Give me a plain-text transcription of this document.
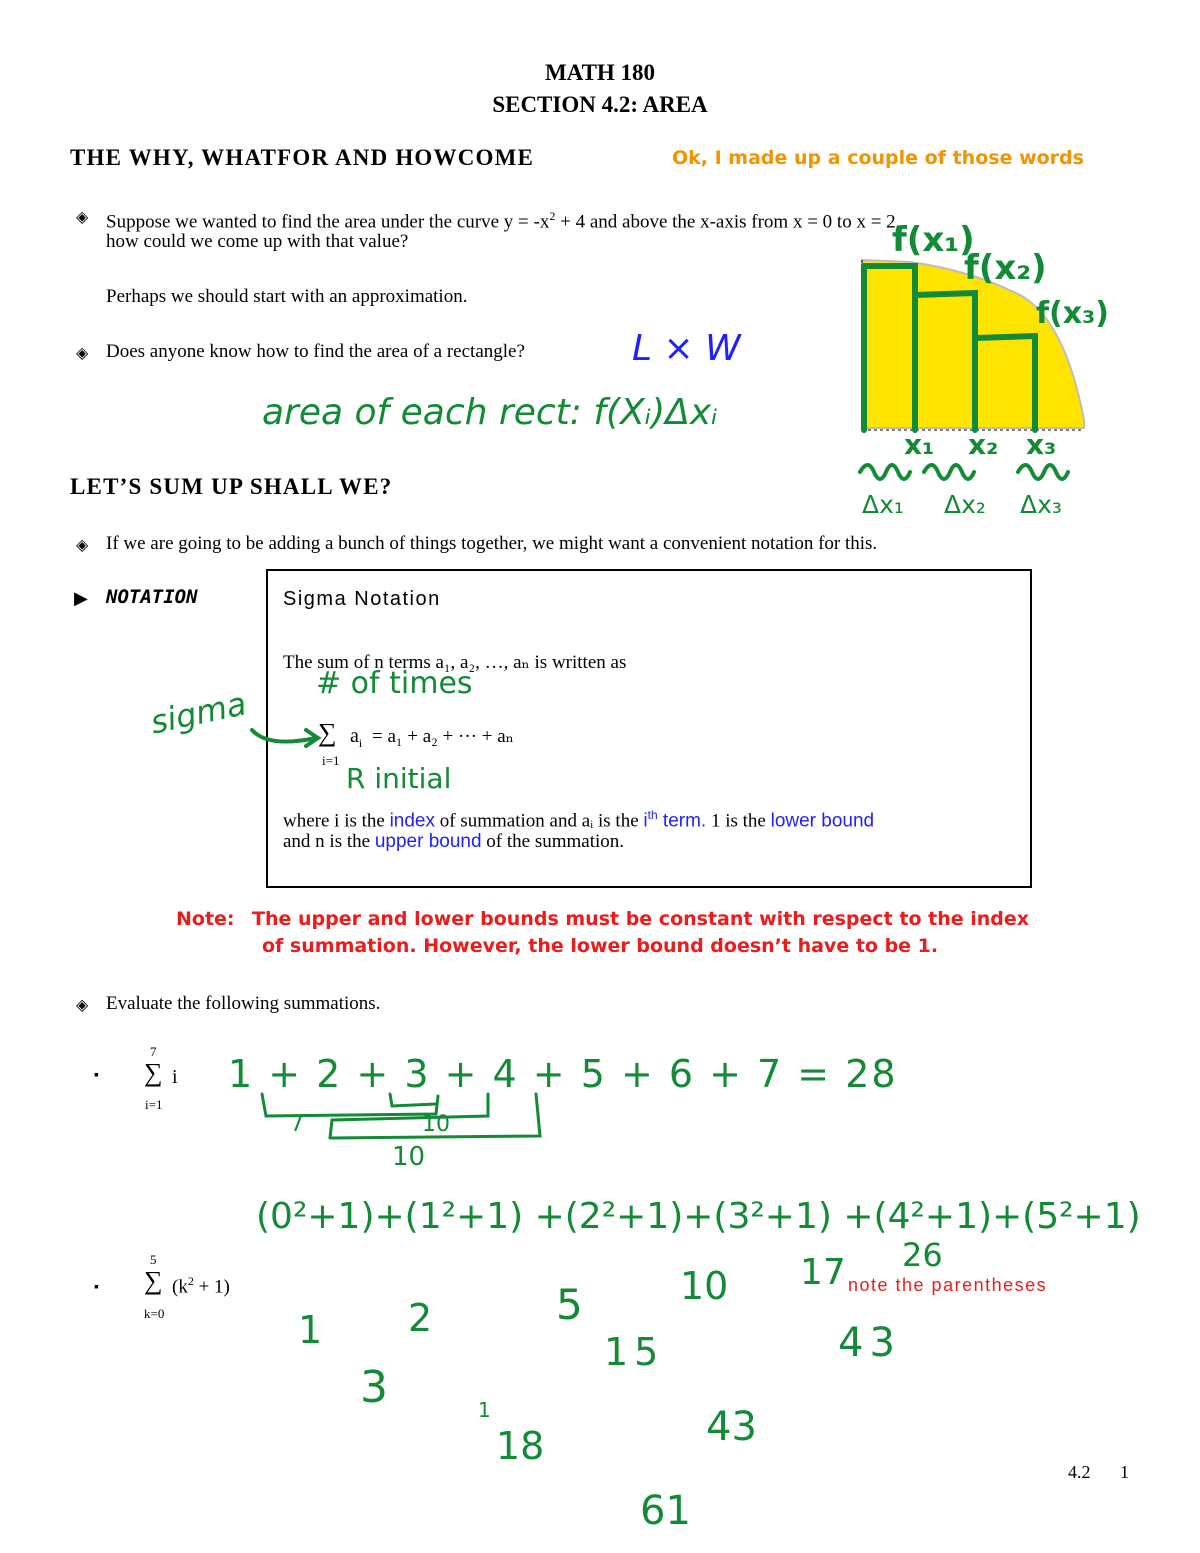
MATH 180
SECTION 4.2: AREA
THE WHY, WHATFOR AND HOWCOME	Ok, I made up a couple of those words
◈ Suppose we wanted to find the area under the curve $y = -x^2 + 4$ and above the x-axis from x = 0 to x = 2,
how could we come up with that value?
Perhaps we should start with an approximation.
◈ Does anyone know how to find the area of a rectangle?	L × W
area of each rect: f(Xᵢ)Δxᵢ
f(x₁)
f(x₂)
f(x₃)
x₁ x₂ x₃
Δx₁ Δx₂ Δx₃
LET’S SUM UP SHALL WE?
◈ If we are going to be adding a bunch of things together, we might want a convenient notation for this.
▶ NOTATION	Sigma Notation
The sum of n terms a₁, a₂, …, aₙ is written as
∑ $a_i = a_1 + a_2$ + ··· + aₙ
i=1
# of times
sigma
R initial
where i is the index of summation and aᵢ is the $i^{th}$ term. 1 is the lower bound
and n is the upper bound of the summation.
Note: The upper and lower bounds must be constant with respect to the index
of summation. However, the lower bound doesn’t have to be 1.
◈ Evaluate the following summations.
▪
7
∑ i
i=1
1 + 2 + 3 + 4 + 5 + 6 + 7 = 28
7	10
10
▪
5
∑ $(k^2 + 1)$
k=0
(0²+1)+(1²+1) +(2²+1)+(3²+1) +(4²+1)+(5²+1)
1 2	5	10 17 26
note the parentheses
3
15	43
1
18	43
61
4.2 1
